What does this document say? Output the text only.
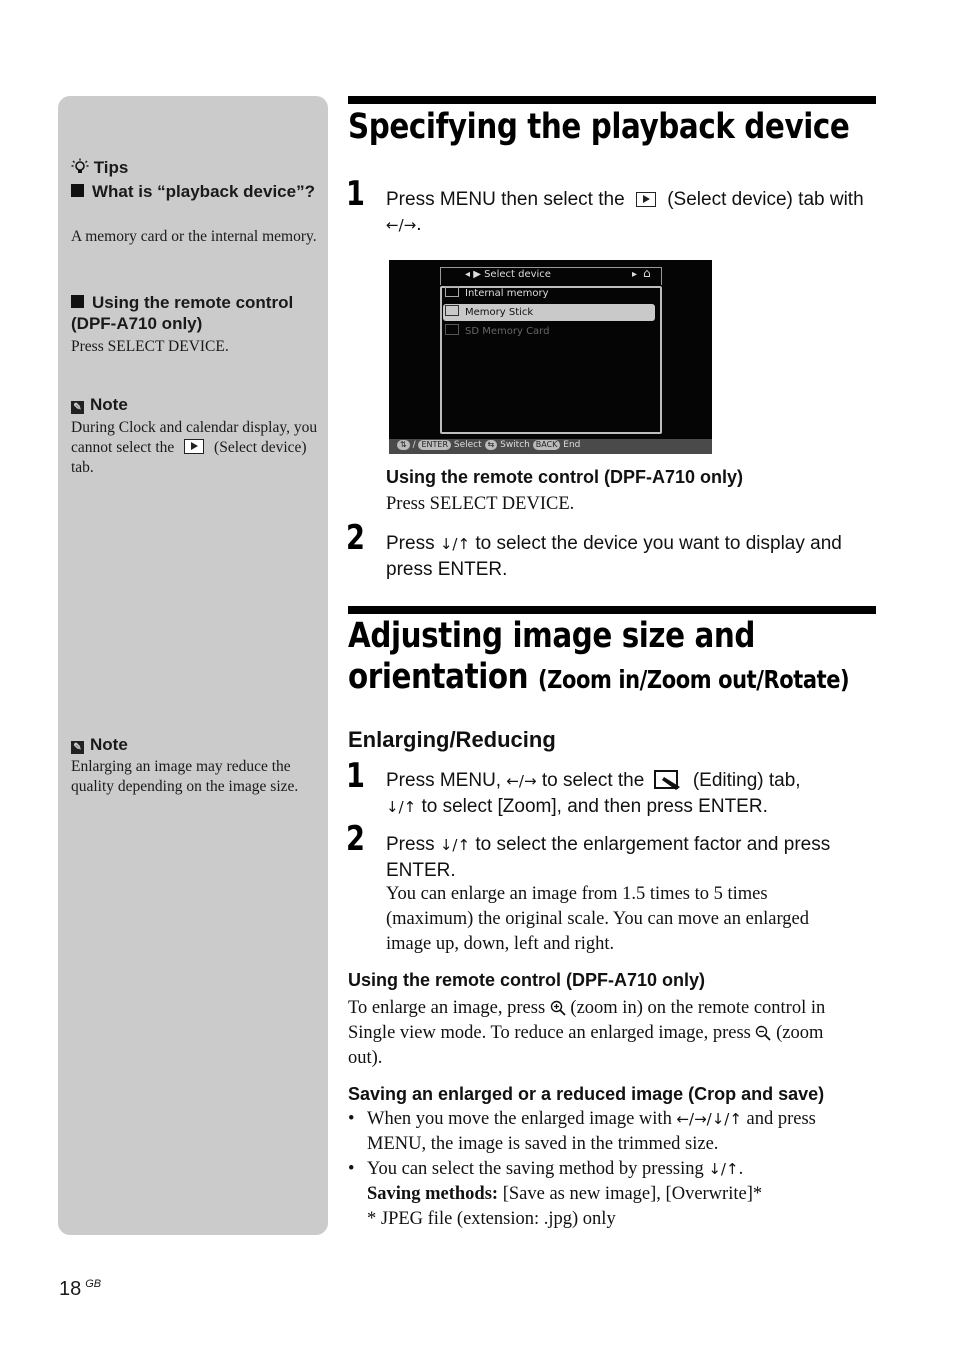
Tips
What is “playback device”?
A memory card or the internal memory.
Using the remote control (DPF-A710 only)
Press SELECT DEVICE.
✎ Note
During Clock and calendar display, you cannot select the	(Select device) tab.
✎ Note
Enlarging an image may reduce the quality depending on the image size.
Specifying the playback device
1 Press MENU then select the (Select device) tab with ←/→.
◂ ▶ Select device	▸ ⌂
Internal memory
Memory Stick
SD Memory Card
⇅ / ENTER Select ⇆ Switch BACK End
Using the remote control (DPF-A710 only)
Press SELECT DEVICE.
2 Press ↓/↑ to select the device you want to display and press ENTER.
Adjusting image size and
orientation (Zoom in/Zoom out/Rotate)
Enlarging/Reducing
1 Press MENU, ←/→ to select the	(Editing) tab,
↓/↑ to select [Zoom], and then press ENTER.
2 Press ↓/↑ to select the enlargement factor and press ENTER.
You can enlarge an image from 1.5 times to 5 times (maximum) the original scale. You can move an enlarged image up, down, left and right.
Using the remote control (DPF-A710 only)
To enlarge an image, press (zoom in) on the remote control in Single view mode. To reduce an enlarged image, press (zoom out).
Saving an enlarged or a reduced image (Crop and save)
• When you move the enlarged image with ←/→/↓/↑ and press MENU, the image is saved in the trimmed size.
• You can select the saving method by pressing ↓/↑.
Saving methods: [Save as new image], [Overwrite]*
* JPEG file (extension: .jpg) only
18 $^{GB}$
